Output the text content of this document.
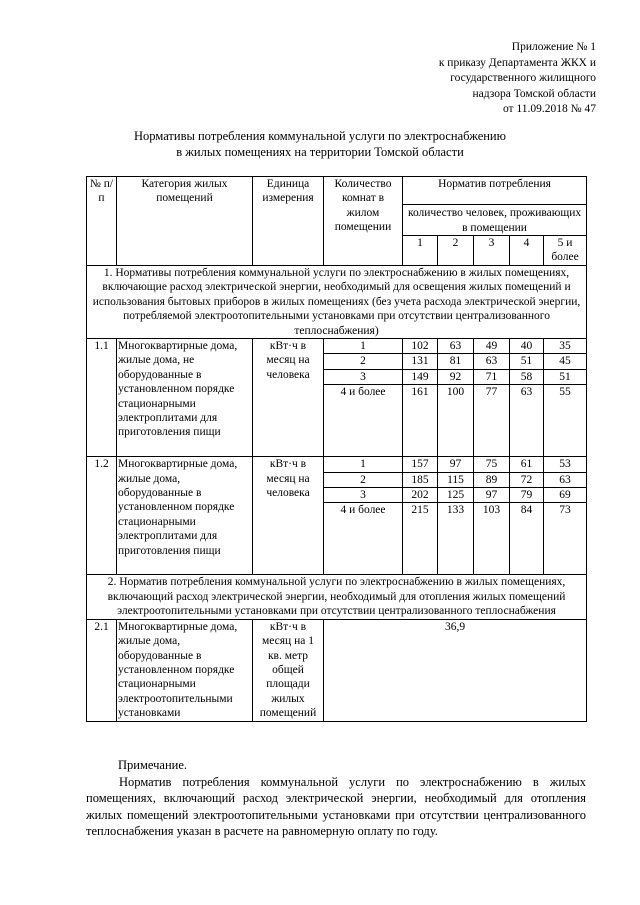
Приложение № 1
к приказу Департамента ЖКХ и
государственного жилищного
надзора Томской области
от 11.09.2018 № 47
Нормативы потребления коммунальной услуги по электроснабжению
в жилых помещениях на территории Томской области
№ п/п	Категория жилых помещений	Единица измерения	Количество комнат в жилом помещении	Норматив потребления				
				количество человек, проживающих в помещении				
				1	2	3	4	5 и более
1. Нормативы потребления коммунальной услуги по электроснабжению в жилых помещениях, включающие расход электрической энергии, необходимый для освещения жилых помещений и использования бытовых приборов в жилых помещениях (без учета расхода электрической энергии, потребляемой электроотопительными установками при отсутствии централизованного теплоснабжения)								
1.1	Многоквартирные дома, жилые дома, не оборудованные в установленном порядке стационарными электроплитами для приготовления пищи	кВт·ч в месяц на человека	1	102	63	49	40	35
			2	131	81	63	51	45
			3	149	92	71	58	51
			4 и более	161	100	77	63	55
1.2	Многоквартирные дома, жилые дома, оборудованные в установленном порядке стационарными электроплитами для приготовления пищи	кВт·ч в месяц на человека	1	157	97	75	61	53
			2	185	115	89	72	63
			3	202	125	97	79	69
			4 и более	215	133	103	84	73
2. Норматив потребления коммунальной услуги по электроснабжению в жилых помещениях, включающий расход электрической энергии, необходимый для отопления жилых помещений электроотопительными установками при отсутствии централизованного теплоснабжения								
2.1	Многоквартирные дома, жилые дома, оборудованные в установленном порядке стационарными электроотопительными установками	кВт·ч в месяц на 1 кв. метр общей площади жилых помещений	36,9					
Примечание.
Норматив потребления коммунальной услуги по электроснабжению в жилых помещениях, включающий расход электрической энергии, необходимый для отопления жилых помещений электроотопительными установками при отсутствии централизованного теплоснабжения указан в расчете на равномерную оплату по году.
